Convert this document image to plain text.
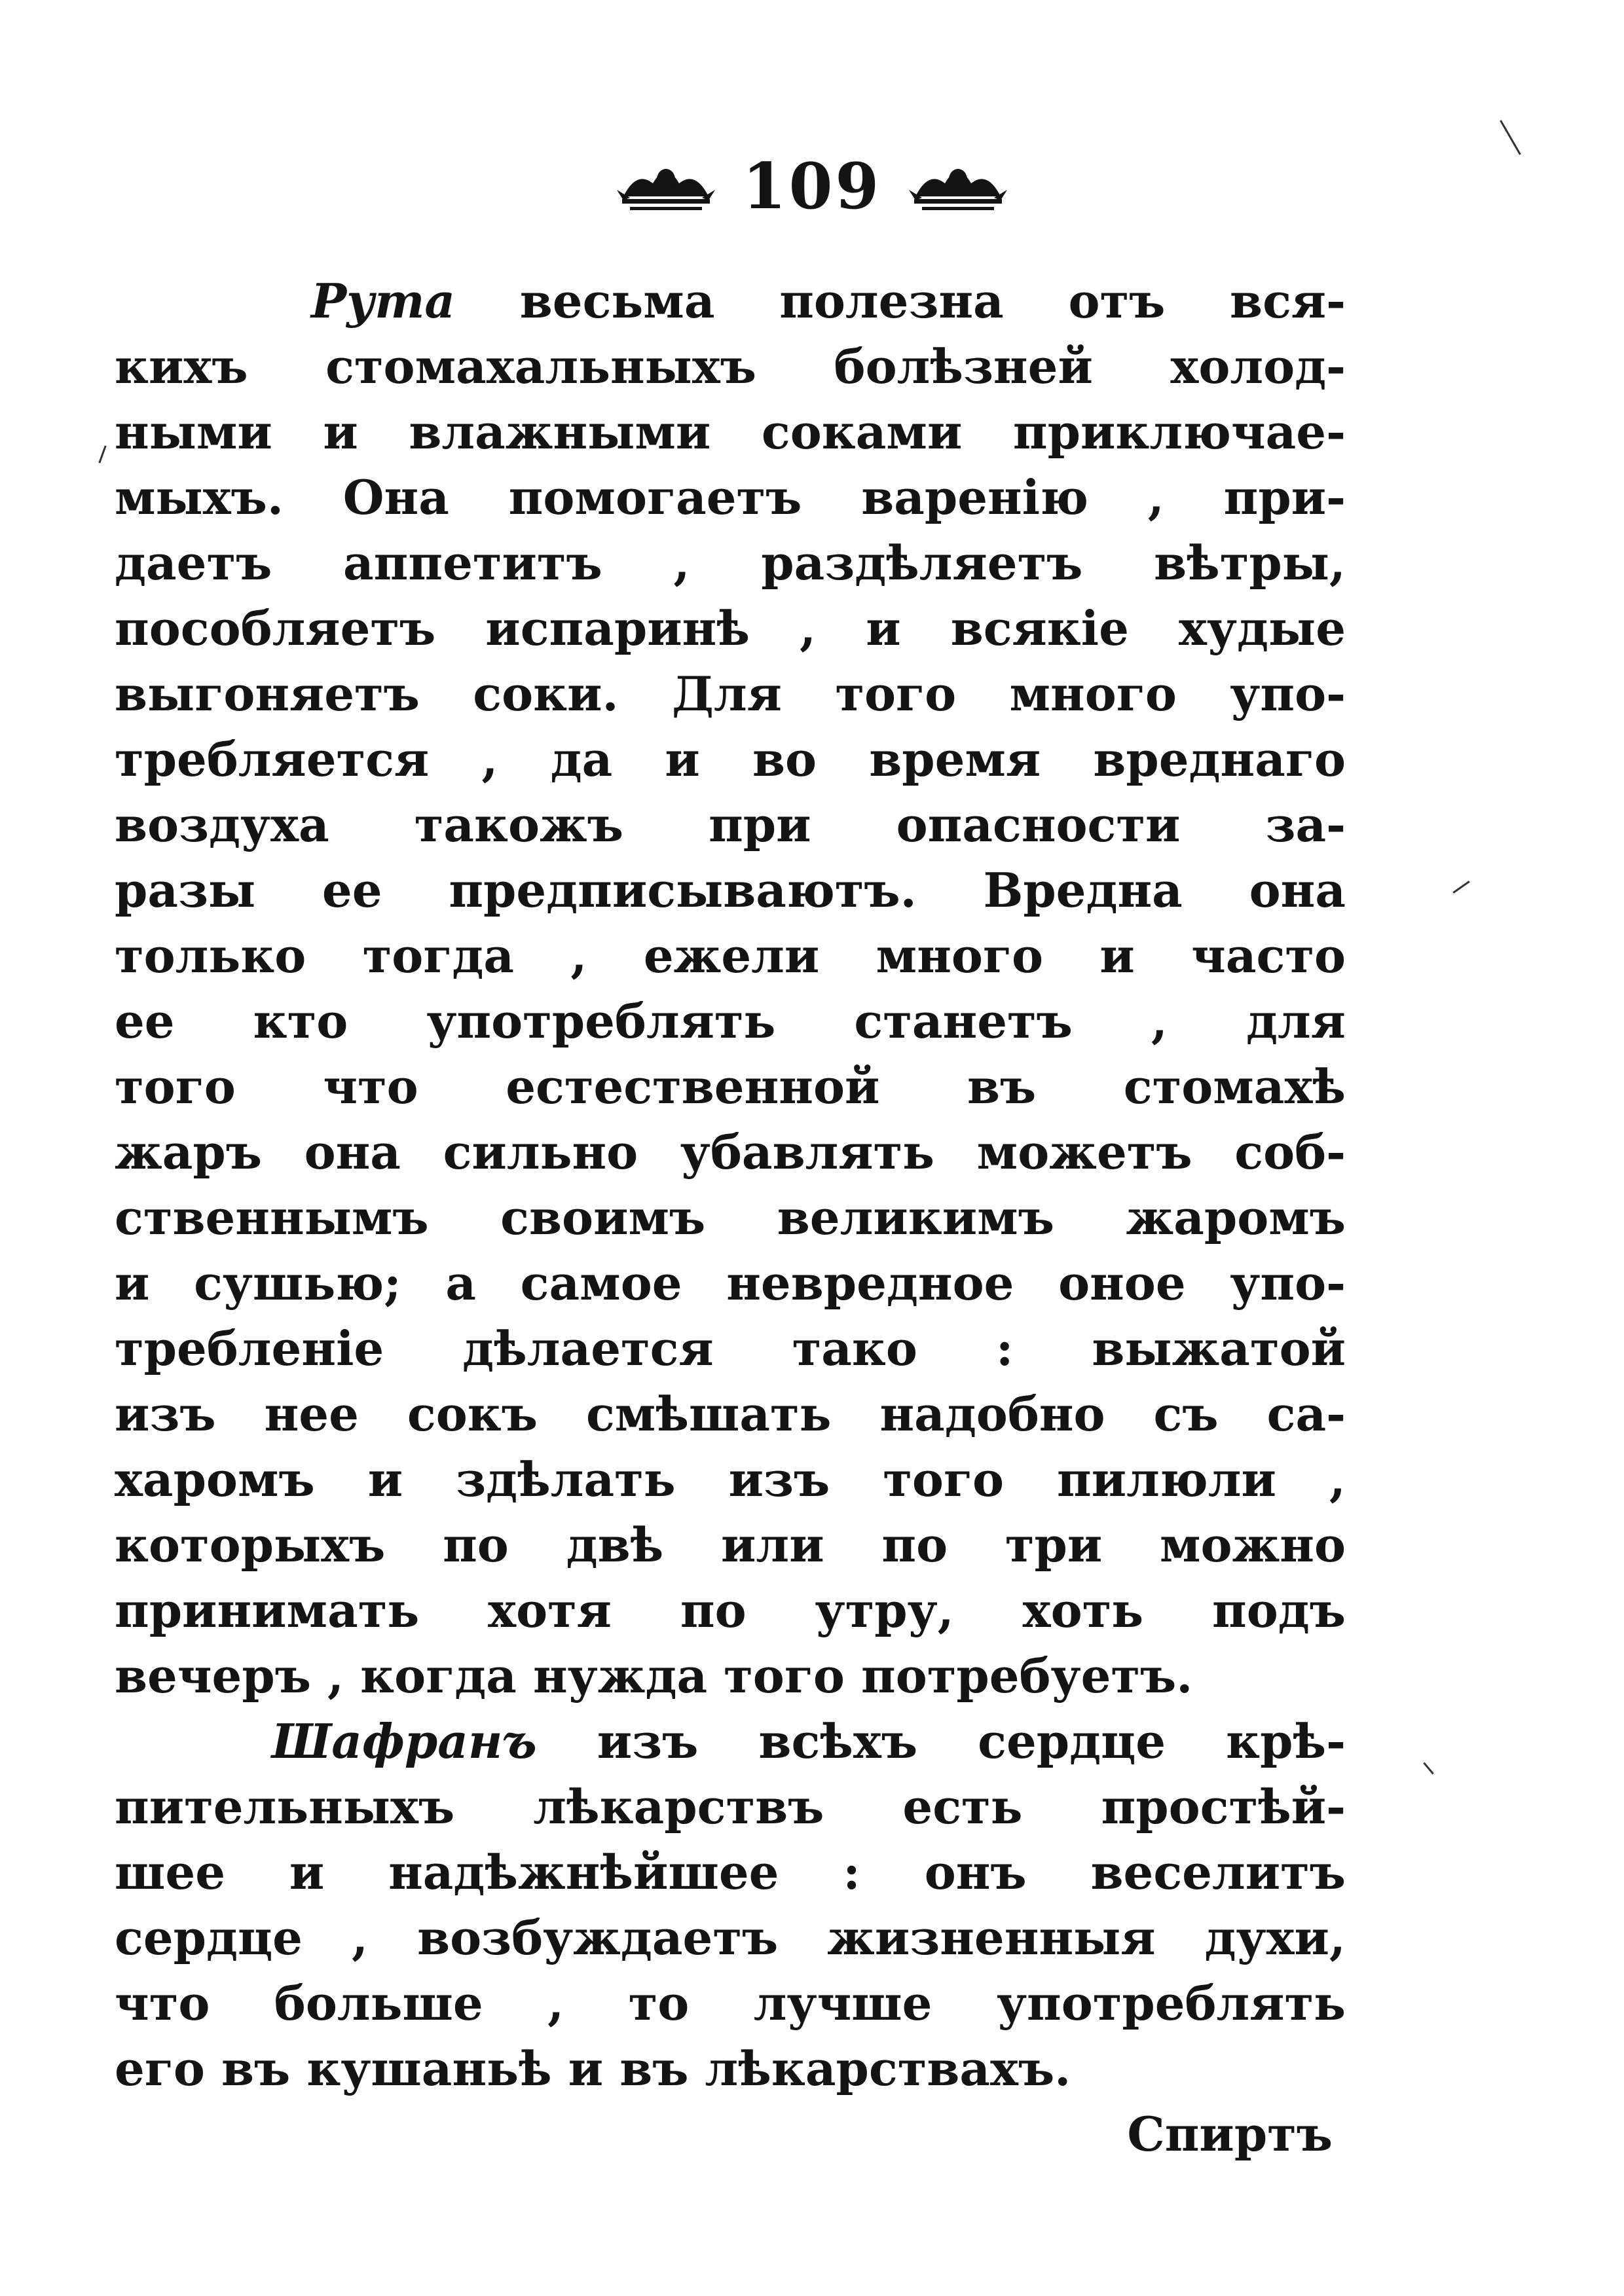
109
Рута весьма полезна отъ вся-
кихъ стомахальныхъ болѣзней холод-
ными и влажными соками приключае-
мыхъ. Она помогаетъ варенію , при-
даетъ аппетитъ , раздѣляетъ вѣтры,
пособляетъ испаринѣ , и всякіе худые
выгоняетъ соки. Для того много упо-
требляется , да и во время вреднаго
воздуха такожъ при опасности за-
разы ее предписываютъ. Вредна она
только тогда , ежели много и часто
ее кто употреблять станетъ , для
того что естественной въ стомахѣ
жаръ она сильно убавлять можетъ соб-
ственнымъ своимъ великимъ жаромъ
и сушью; а самое невредное оное упо-
требленіе дѣлается тако : выжатой
изъ нее сокъ смѣшать надобно съ са-
харомъ и здѣлать изъ того пилюли ,
которыхъ по двѣ или по три можно
принимать хотя по утру, хоть подъ
вечеръ , когда нужда того потребуетъ.
Шафранъ изъ всѣхъ сердце крѣ-
пительныхъ лѣкарствъ есть простѣй-
шее и надѣжнѣйшее : онъ веселитъ
сердце , возбуждаетъ жизненныя духи,
что больше , то лучше употреблять
его въ кушаньѣ и въ лѣкарствахъ.
Спиртъ
